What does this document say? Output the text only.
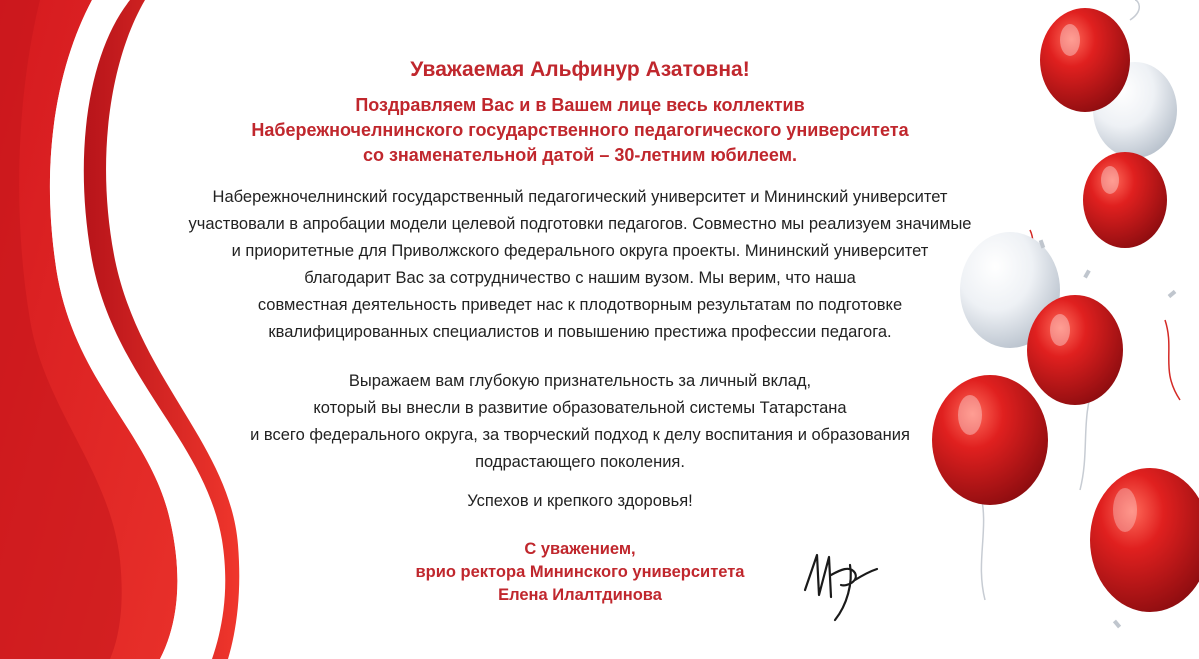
Уважаемая Альфинур Азатовна!
Поздравляем Вас и в Вашем лице весь коллектив
Набережночелнинского государственного педагогического университета
со знаменательной датой – 30-летним юбилеем.
Набережночелнинский государственный педагогический университет и Мининский университет
участвовали в апробации модели целевой подготовки педагогов. Совместно мы реализуем значимые
и приоритетные для Приволжского федерального округа проекты. Мининский университет
благодарит Вас за сотрудничество с нашим вузом. Мы верим, что наша
совместная деятельность приведет нас к плодотворным результатам по подготовке
квалифицированных специалистов и повышению престижа профессии педагога.
Выражаем вам глубокую признательность за личный вклад,
который вы внесли в развитие образовательной системы Татарстана
и всего федерального округа, за творческий подход к делу воспитания и образования
подрастающего поколения.
Успехов и крепкого здоровья!
С уважением,
врио ректора Мининского университета
Елена Илалтдинова
